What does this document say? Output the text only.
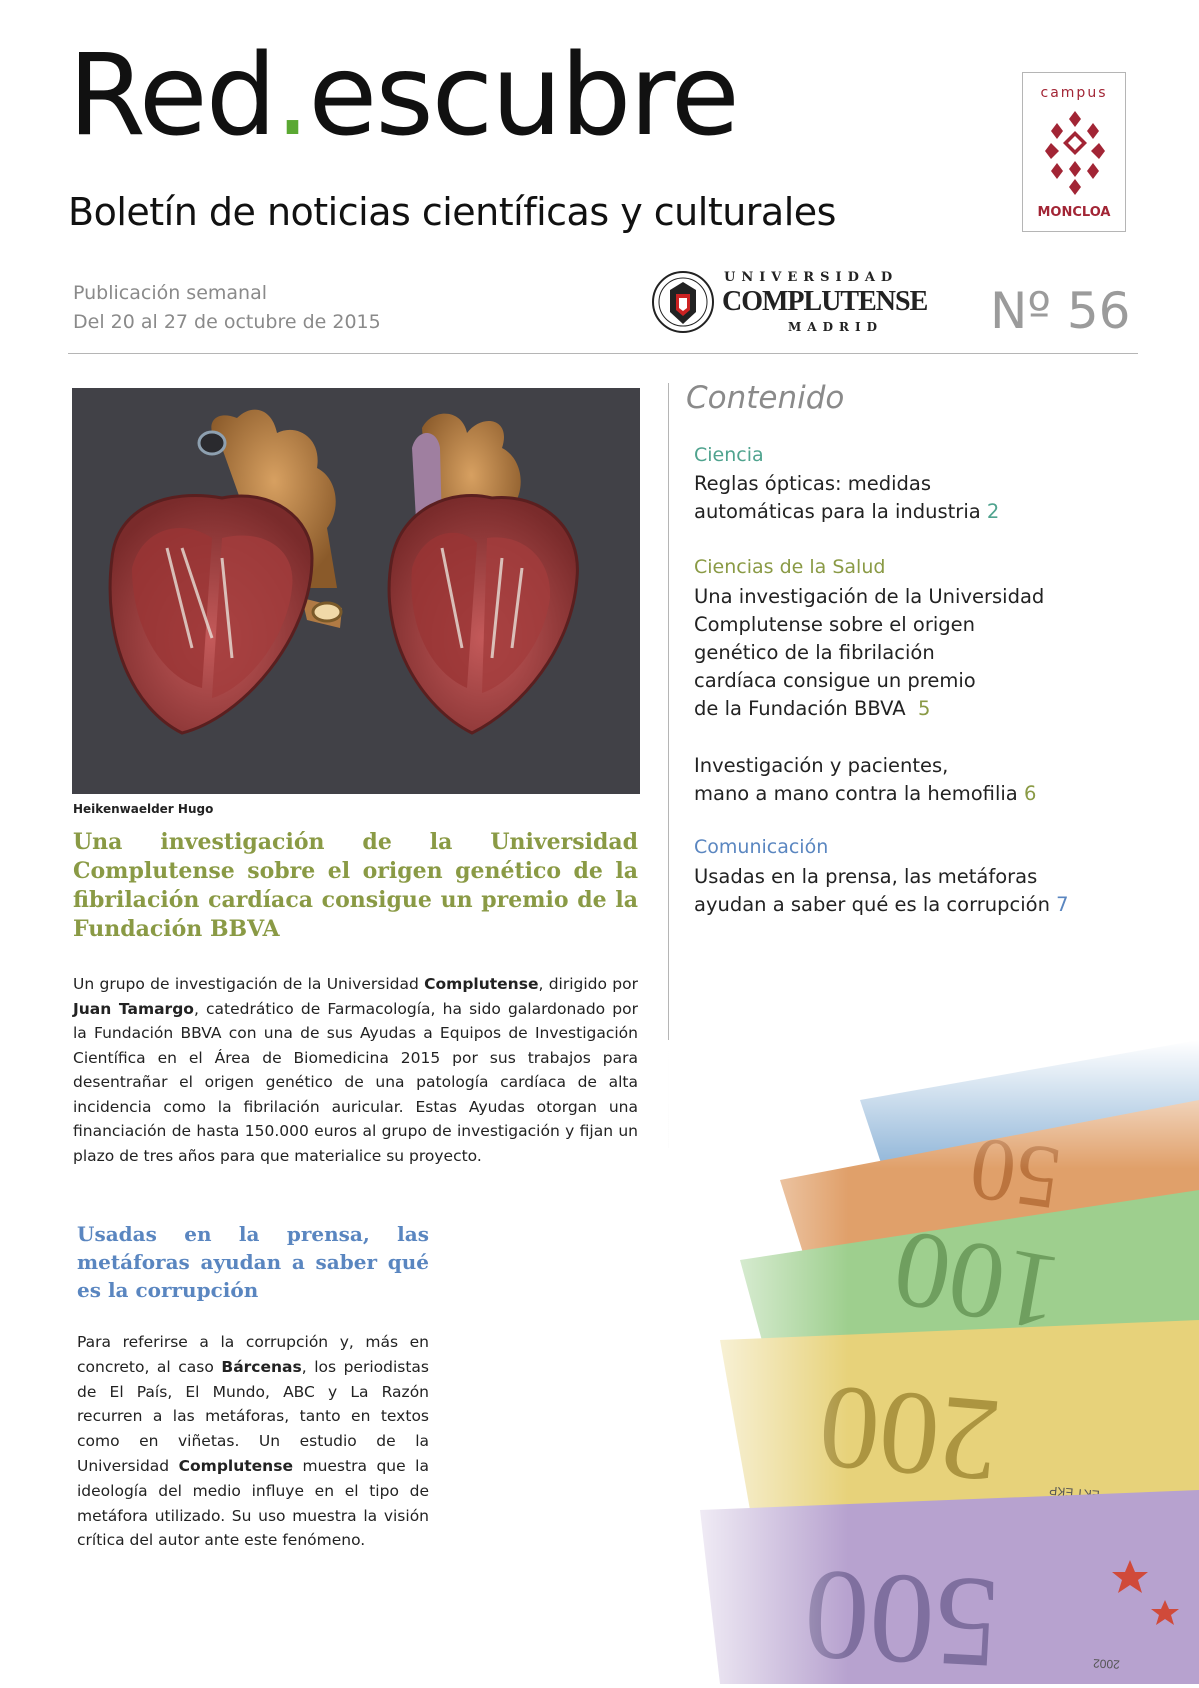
Red.escubre
Boletín de noticias científicas y culturales
campus
MONCLOA
Publicación semanal
Del 20 al 27 de octubre de 2015
UNIVERSIDAD
COMPLUTENSE
MADRID Nº 56
Heikenwaelder Hugo
Una investigación de la Universidad Complutense sobre el origen genético de la fibrilación cardíaca consigue un premio de la Fundación BBVA
Un grupo de investigación de la Universidad Complutense, dirigido por Juan Tamargo, catedrático de Farmacología, ha sido galardonado por la Fundación BBVA con una de sus Ayudas a Equipos de Investigación Científica en el Área de Biomedicina 2015 por sus trabajos para desentrañar el origen genético de una patología cardíaca de alta incidencia como la fibrilación auricular. Estas Ayudas otorgan una financiación de hasta 150.000 euros al grupo de investigación y fijan un plazo de tres años para que materialice su proyecto.
Usadas en la prensa, las metáforas ayudan a saber qué es la corrupción
Para referirse a la corrupción y, más en concreto, al caso Bárcenas, los periodistas de El País, El Mundo, ABC y La Razón recurren a las metáforas, tanto en textos como en viñetas. Un estudio de la Universidad Complutense muestra que la ideología del medio influye en el tipo de metáfora utilizado. Su uso muestra la visión crítica del autor ante este fenómeno.
Contenido
Ciencia
Reglas ópticas: medidas
automáticas para la industria 2
Ciencias de la Salud
Una investigación de la Universidad
Complutense sobre el origen
genético de la fibrilación
cardíaca consigue un premio
de la Fundación BBVA 5
Investigación y pacientes,
mano a mano contra la hemofilia 6
Comunicación
Usadas en la prensa, las metáforas
ayudan a saber qué es la corrupción 7
